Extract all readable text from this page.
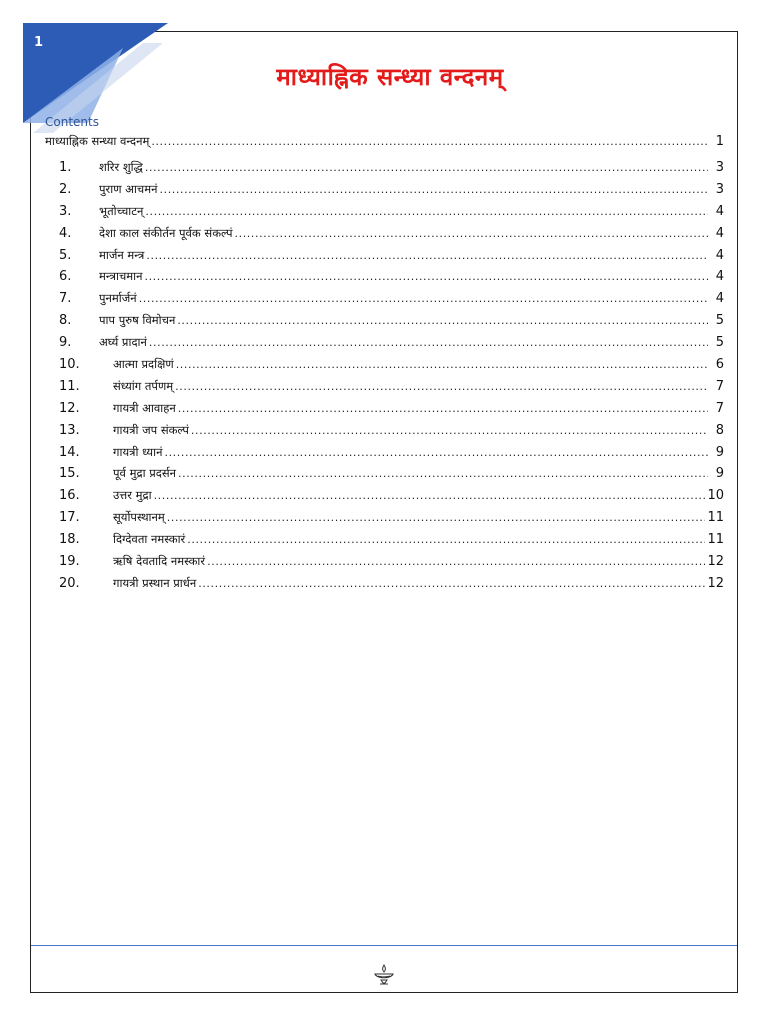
1
माध्याह्निक सन्ध्या वन्दनम्
Contents
माध्याह्निक सन्ध्या वन्दनम् .....	1
1.	शरिर शुद्धि .....	3
2.	पुराण आचमनं .....	3
3.	भूतोच्चाटन् .....	4
4.	देशा काल संकीर्तन पूर्वक संकल्पं .....	4
5.	मार्जन मन्त्र .....	4
6.	मन्त्राचमान .....	4
7.	पुनर्मार्जनं .....	4
8.	पाप पुरुष विमोचन .....	5
9.	अर्घ्य प्रादानं .....	5
10.	आत्मा प्रदक्षिणं .....	6
11.	संध्यांग तर्पणम् .....	7
12.	गायत्री आवाहन .....	7
13.	गायत्री जप संकल्पं .....	8
14.	गायत्री ध्यानं .....	9
15.	पूर्व मुद्रा प्रदर्सन .....	9
16.	उत्तर मुद्रा .....	10
17.	सूर्योपस्थानम् .....	11
18.	दिग्देवता नमस्कारं .....	11
19.	ऋषि देवतादि नमस्कारं .....	12
20.	गायत्री प्रस्थान प्रार्धन .....	12
